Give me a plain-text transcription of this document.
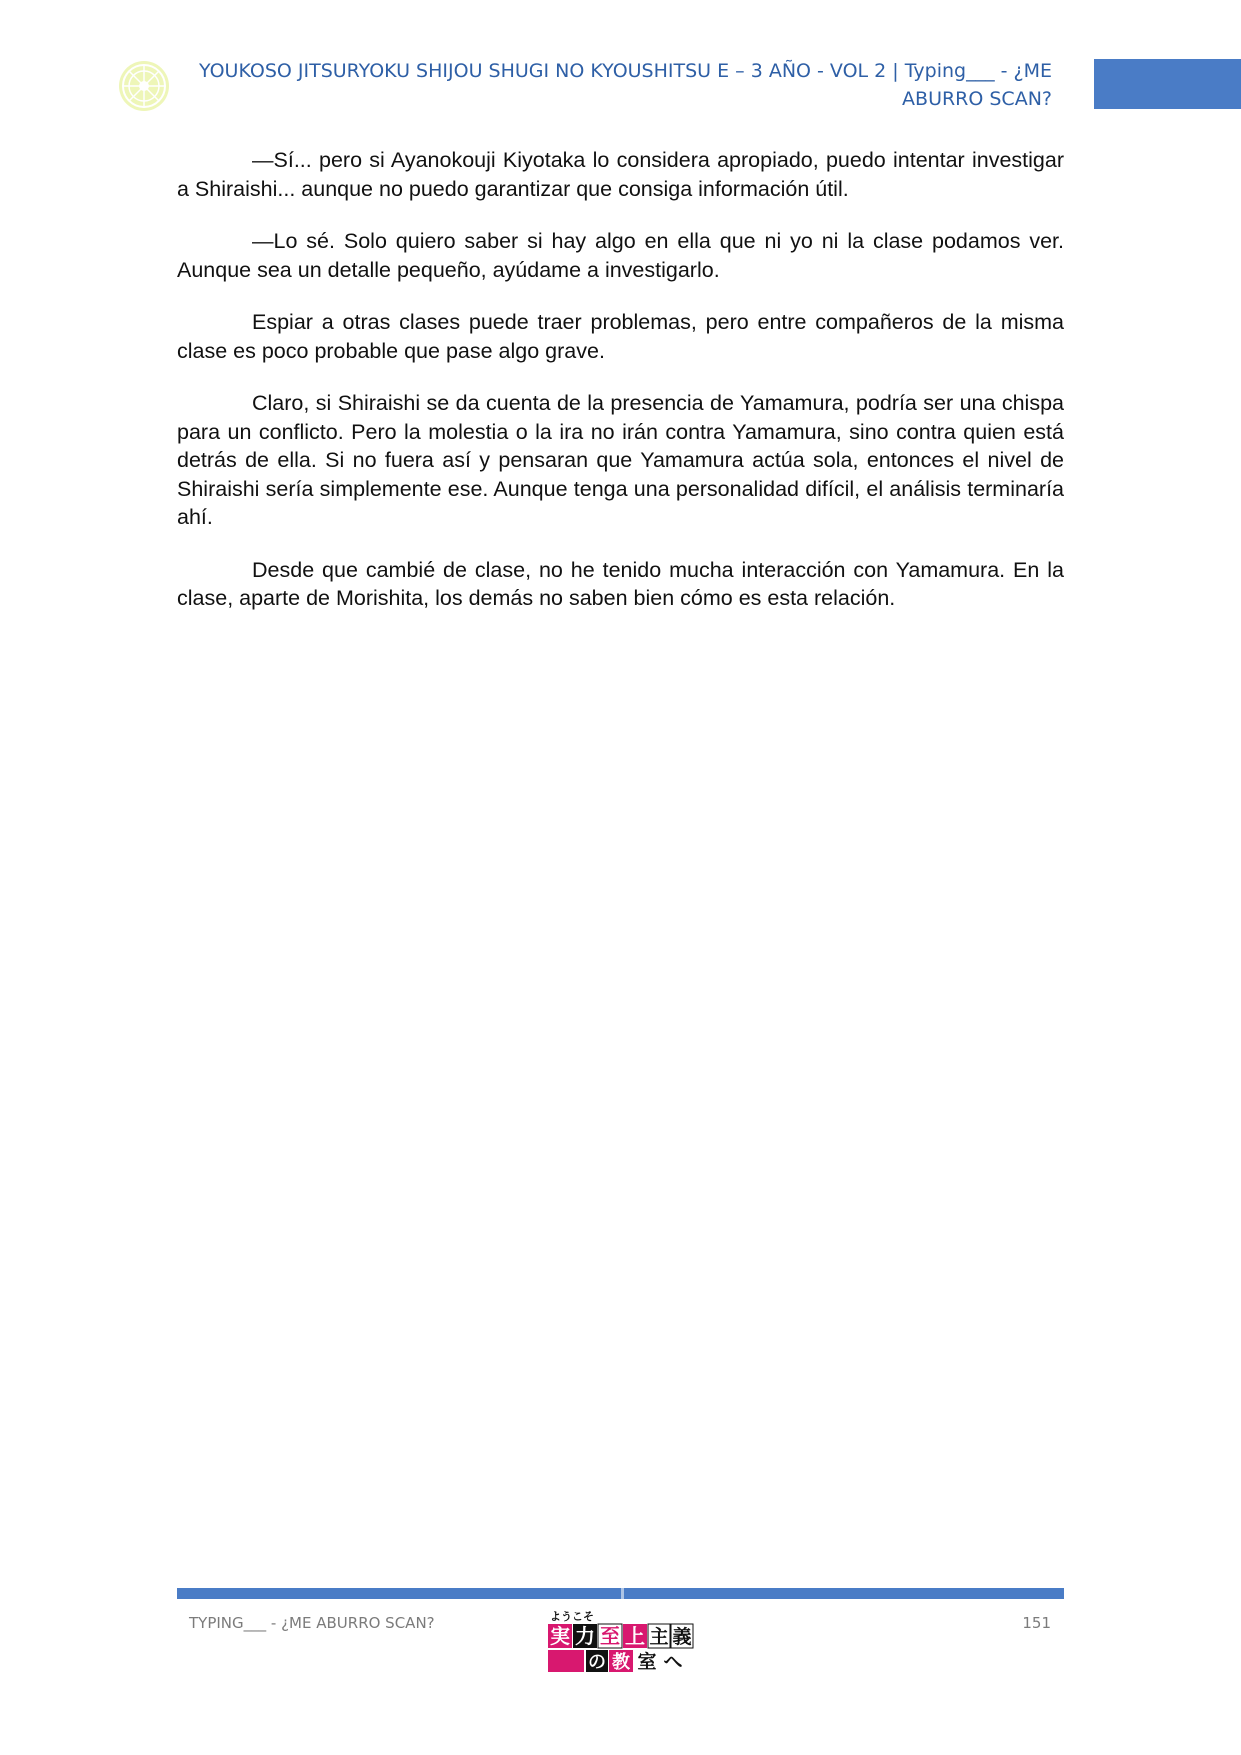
YOUKOSO JITSURYOKU SHIJOU SHUGI NO KYOUSHITSU E – 3 AÑO - VOL 2 | Typing___ - ¿ME ABURRO SCAN?

—Sí... pero si Ayanokouji Kiyotaka lo considera apropiado, puedo intentar investigar a Shiraishi... aunque no puedo garantizar que consiga información útil.

—Lo sé. Solo quiero saber si hay algo en ella que ni yo ni la clase podamos ver. Aunque sea un detalle pequeño, ayúdame a investigarlo.

Espiar a otras clases puede traer problemas, pero entre compañeros de la misma clase es poco probable que pase algo grave.

Claro, si Shiraishi se da cuenta de la presencia de Yamamura, podría ser una chispa para un conflicto. Pero la molestia o la ira no irán contra Yamamura, sino contra quien está detrás de ella. Si no fuera así y pensaran que Yamamura actúa sola, entonces el nivel de Shiraishi sería simplemente ese. Aunque tenga una personalidad difícil, el análisis terminaría ahí.

Desde que cambié de clase, no he tenido mucha interacción con Yamamura. En la clase, aparte de Morishita, los demás no saben bien cómo es esta relación.

TYPING___ - ¿ME ABURRO SCAN?	ようこそ
実 力 至 上 主 義
の 教 室 へ
151
